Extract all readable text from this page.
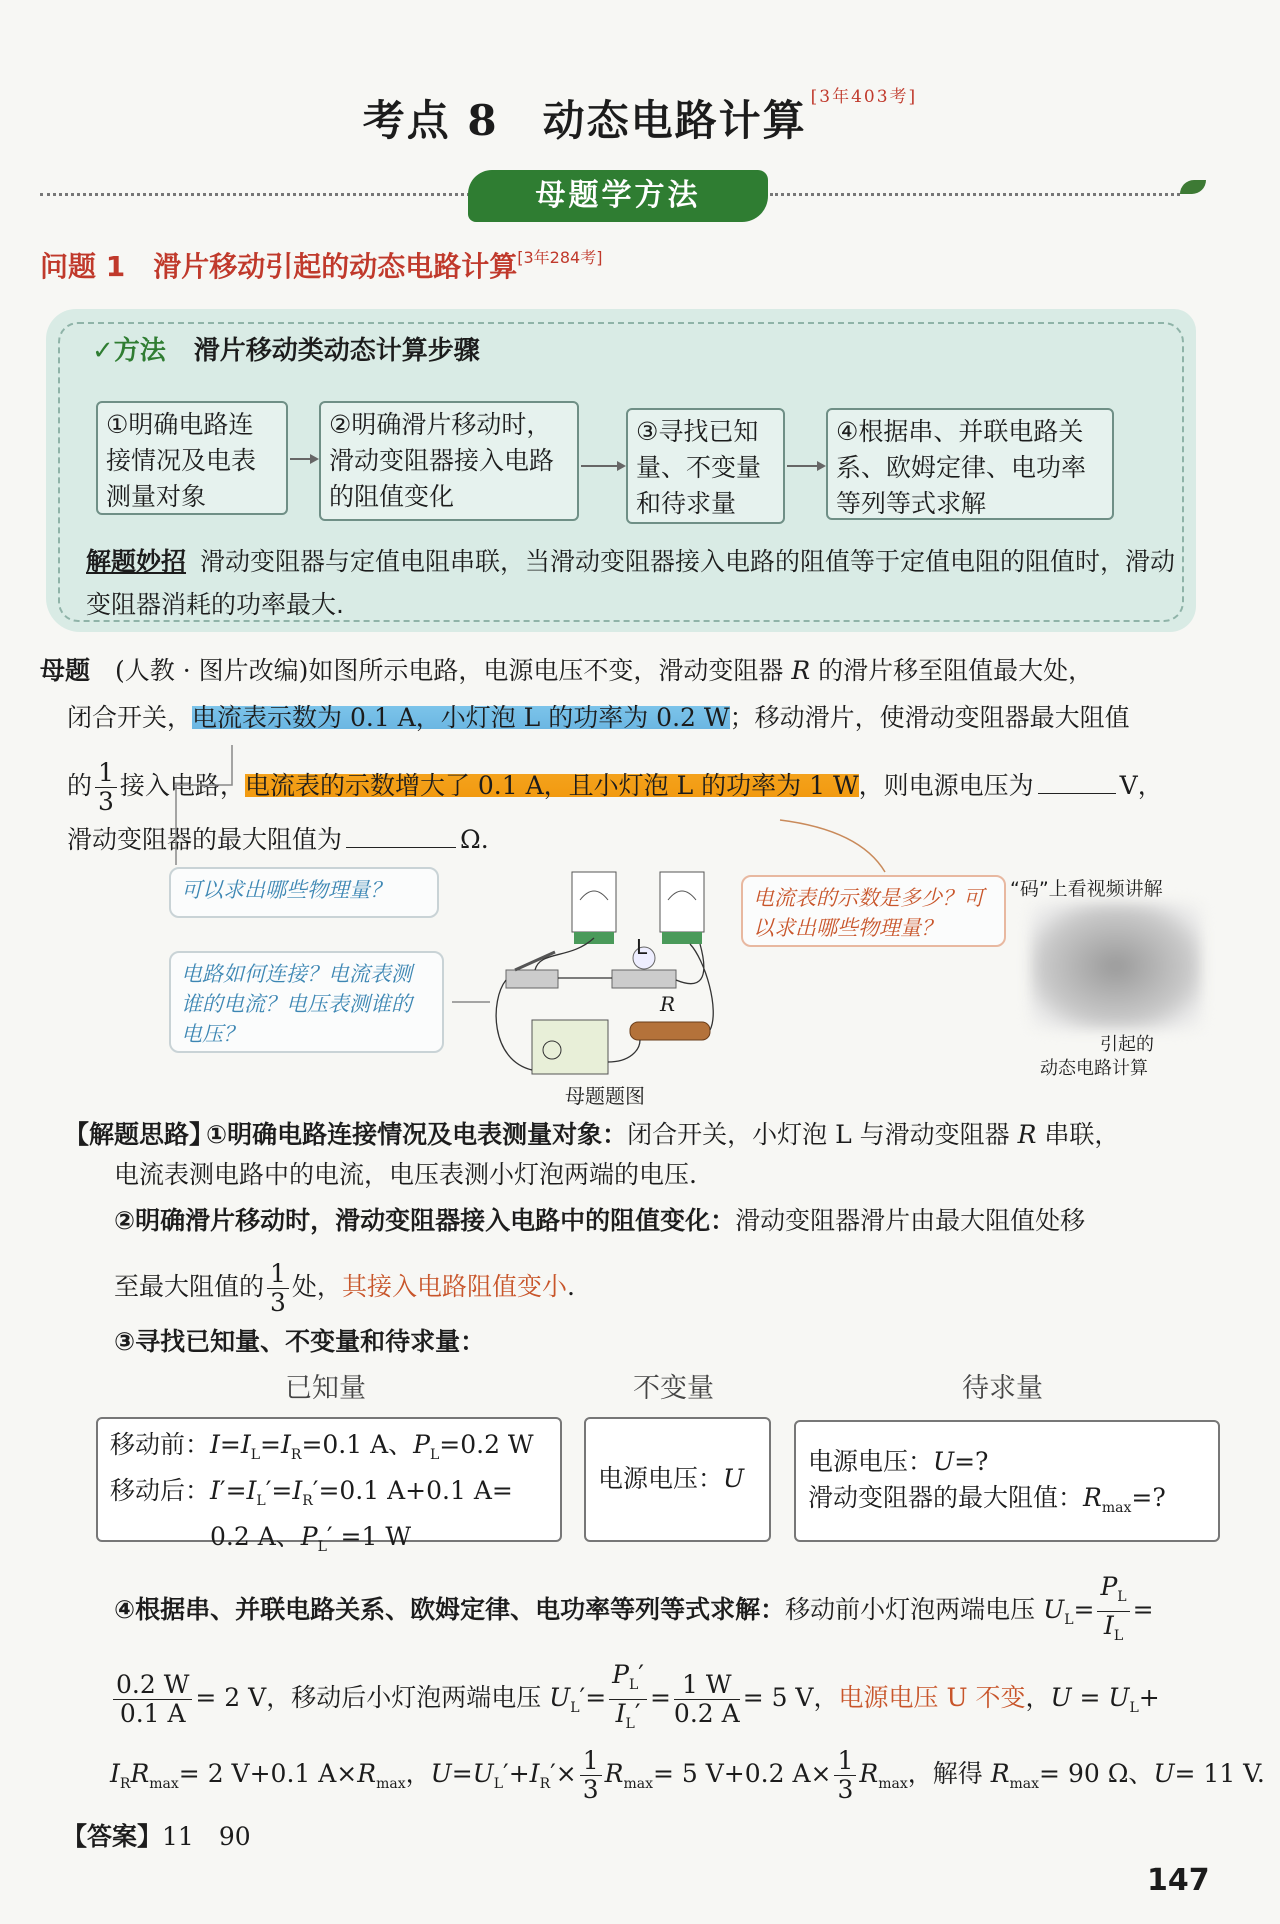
考点 8　动态电路计算 [3年403考]
母题学方法
问题 1　滑片移动引起的动态电路计算[3年284考]
✓方法 滑片移动类动态计算步骤
①明确电路连接情况及电表测量对象
②明确滑片移动时，滑动变阻器接入电路的阻值变化
③寻找已知量、不变量和待求量
④根据串、并联电路关系、欧姆定律、电功率等列等式求解
解题妙招 滑动变阻器与定值电阻串联，当滑动变阻器接入电路的阻值等于定值电阻的阻值时，滑动变阻器消耗的功率最大.
母题　(人教 · 图片改编)如图所示电路，电源电压不变，滑动变阻器 R 的滑片移至阻值最大处，
闭合开关，电流表示数为 0.1 A，小灯泡 L 的功率为 0.2 W；移动滑片，使滑动变阻器最大阻值
的 $\frac{1}{3}$ 接入电路，电流表的示数增大了 0.1 A，且小灯泡 L 的功率为 1 W，则电源电压为	V，
滑动变阻器的最大阻值为	Ω.
L
R
母题题图
可以求出哪些物理量？
电路如何连接？电流表测谁的电流？电压表测谁的电压？
电流表的示数是多少？可以求出哪些物理量？
“码”上看视频讲解
引起的
动态电路计算
【解题思路】
①明确电路连接情况及电表测量对象：闭合开关，小灯泡 L 与滑动变阻器 R 串联，
电流表测电路中的电流，电压表测小灯泡两端的电压.
②明确滑片移动时，滑动变阻器接入电路中的阻值变化：滑动变阻器滑片由最大阻值处移
至最大阻值的 $\frac{1}{3}$ 处，其接入电路阻值变小.
③寻找已知量、不变量和待求量：
已知量	不变量	待求量
移动前：$I=I_L=I_R=0.1$ A、$P_L=0.2$ W
移动后：$I'=I_L'=I_R'=0.1$ A+0.1 A=
　　　　0.2 A、$P_L' =1$ W
电源电压：U
电源电压：U=?
滑动变阻器的最大阻值：$R_{max}=$?
④根据串、并联电路关系、欧姆定律、电功率等列等式求解：移动前小灯泡两端电压 $U_L= \frac{P_L}{I_L}$ =
$\frac{0.2 W}{0.1 A} = 2$ V，移动后小灯泡两端电压 $U_L'= \frac{P_L'}{I_L'} = \frac{1 W}{0.2 A} = 5$ V，电源电压 U 不变，$U = U_L+$
$I_RR_{max}= 2$ V+0.1 $A\times R_{max}$，$U=U_L'+I_R'\times \frac{1}{3} R_{max}= 5$ V+0.2 $A\times \frac{1}{3} R_{max}$，解得 $R_{max}= 90$ Ω、U= 11 V.
【答案】11　90
147
